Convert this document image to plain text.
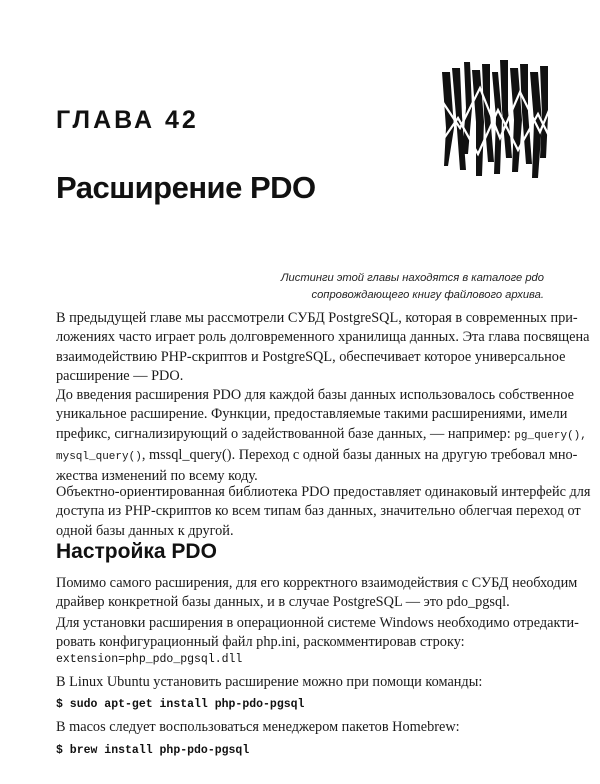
ГЛАВА 42
Расширение PDO
Листинги этой главы находятся в каталоге pdo
сопровождающего книгу файлового архива.
В предыдущей главе мы рассмотрели СУБД PostgreSQL, которая в современных при-
ложениях часто играет роль долговременного хранилища данных. Эта глава посвящена
взаимодействию PHP-скриптов и PostgreSQL, обеспечивает которое универсальное
расширение — PDO.
До введения расширения PDO для каждой базы данных использовалось собственное
уникальное расширение. Функции, предоставляемые такими расширениями, имели
префикс, сигнализирующий о задействованной базе данных, — например: pg_query(),
mysql_query(), mssql_query(). Переход с одной базы данных на другую требовал мно-
жества изменений по всему коду.
Объектно-ориентированная библиотека PDO предоставляет одинаковый интерфейс для
доступа из PHP-скриптов ко всем типам баз данных, значительно облегчая переход от
одной базы данных к другой.
Настройка PDO
Помимо самого расширения, для его корректного взаимодействия с СУБД необходим
драйвер конкретной базы данных, и в случае PostgreSQL — это pdo_pgsql.
Для установки расширения в операционной системе Windows необходимо отредакти-
ровать конфигурационный файл php.ini, раскомментировав строку:
extension=php_pdo_pgsql.dll
В Linux Ubuntu установить расширение можно при помощи команды:
$ sudo apt-get install php-pdo-pgsql
В macos следует воспользоваться менеджером пакетов Homebrew:
$ brew install php-pdo-pgsql
